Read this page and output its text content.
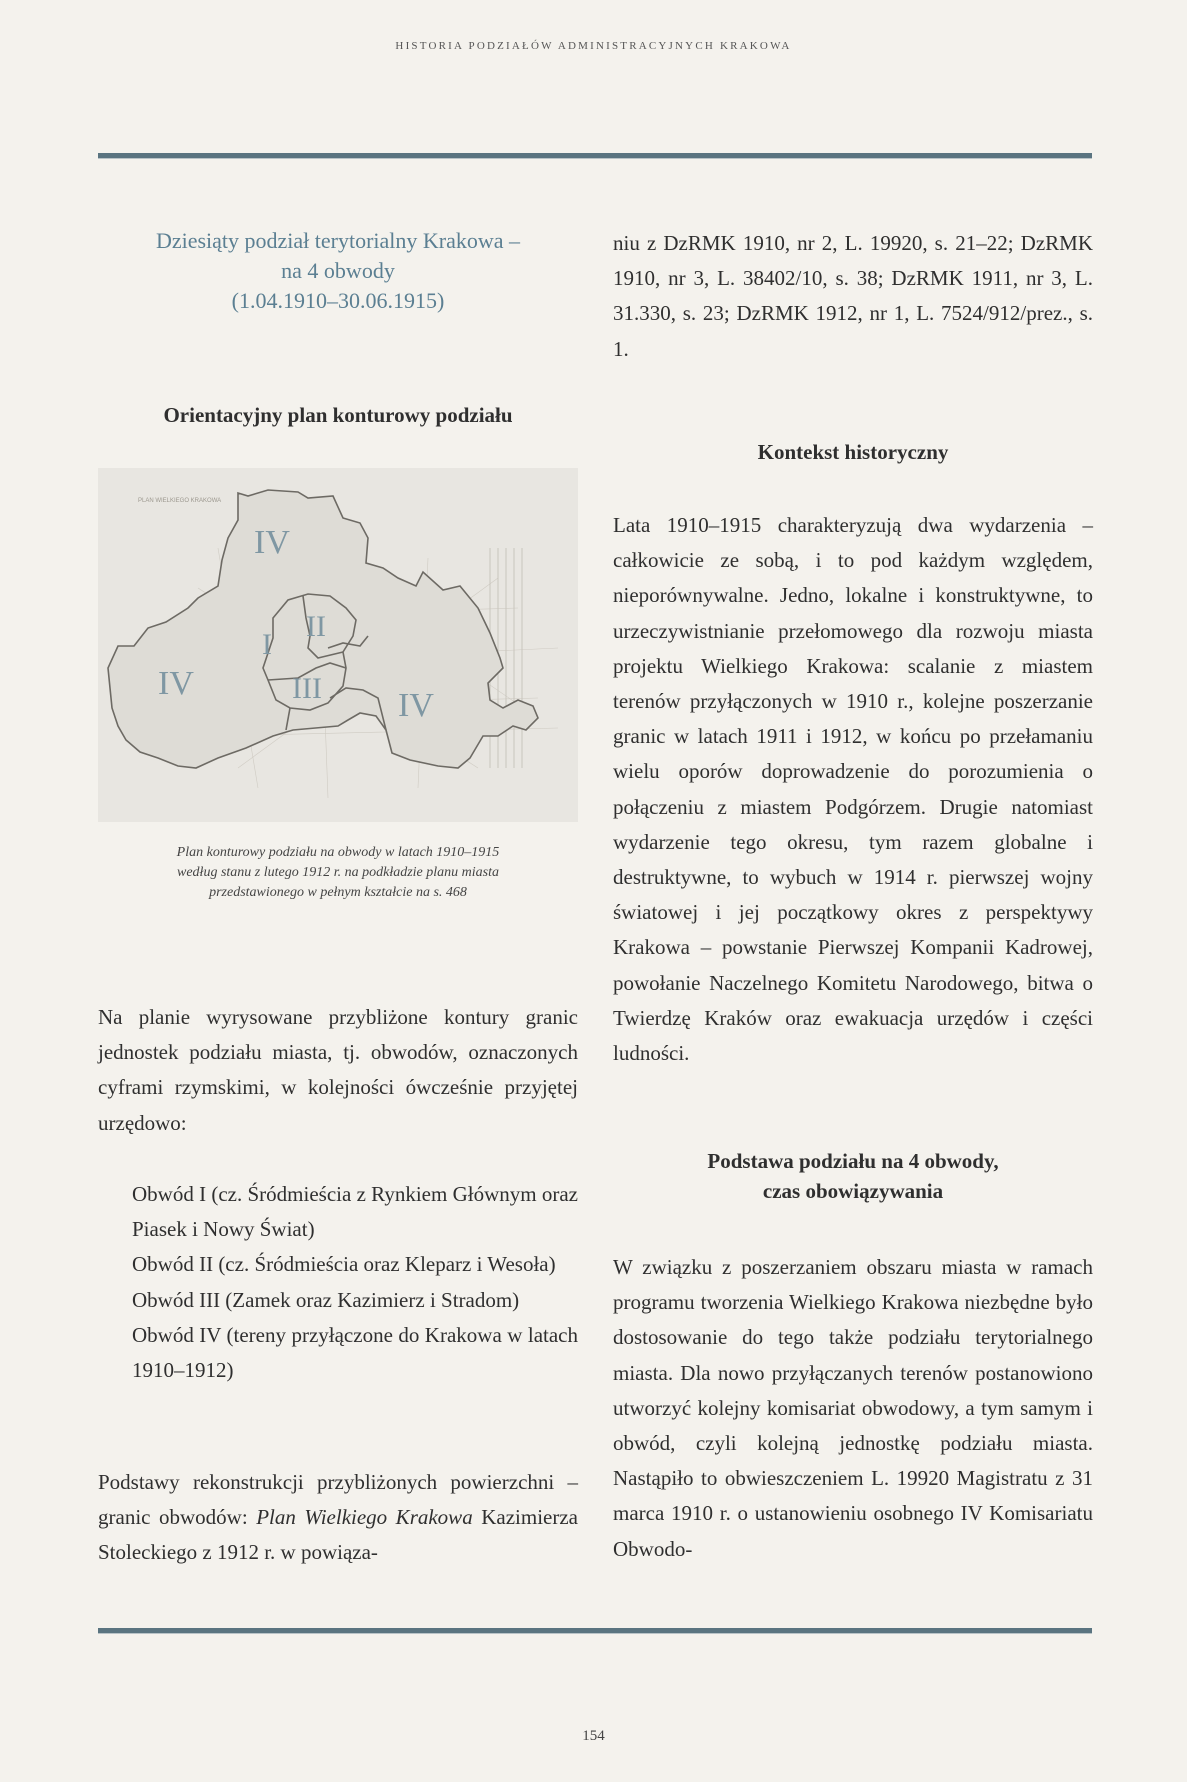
HISTORIA PODZIAŁÓW ADMINISTRACYJNYCH KRAKOWA
Dziesiąty podział terytorialny Krakowa –
na 4 obwody
(1.04.1910–30.06.1915)
Orientacyjny plan konturowy podziału
PLAN WIELKIEGO KRAKOWA
IV
I
II
III
IV
IV
Plan konturowy podziału na obwody w latach 1910–1915
według stanu z lutego 1912 r. na podkładzie planu miasta
przedstawionego w pełnym kształcie na s. 468
Na planie wyrysowane przybliżone kontury granic jednostek podziału miasta, tj. obwodów, oznaczonych cyframi rzymskimi, w kolejności ówcześnie przyjętej urzędowo:

Obwód I (cz. Śródmieścia z Rynkiem Głównym oraz Piasek i Nowy Świat)

Obwód II (cz. Śródmieścia oraz Kleparz i Wesoła)

Obwód III (Zamek oraz Kazimierz i Stradom)

Obwód IV (tereny przyłączone do Krakowa w latach 1910–1912)

Podstawy rekonstrukcji przybliżonych powierzchni – granic obwodów: Plan Wielkiego Krakowa Kazimierza Stoleckiego z 1912 r. w powiąza-
niu z DzRMK 1910, nr 2, L. 19920, s. 21–22; DzRMK 1910, nr 3, L. 38402/10, s. 38; DzRMK 1911, nr 3, L. 31.330, s. 23; DzRMK 1912, nr 1, L. 7524/912/prez., s. 1.
Kontekst historyczny
Lata 1910–1915 charakteryzują dwa wydarzenia – całkowicie ze sobą, i to pod każdym względem, nieporównywalne. Jedno, lokalne i konstruktywne, to urzeczywistnianie przełomowego dla rozwoju miasta projektu Wielkiego Krakowa: scalanie z miastem terenów przyłączonych w 1910 r., kolejne poszerzanie granic w latach 1911 i 1912, w końcu po przełamaniu wielu oporów doprowadzenie do porozumienia o połączeniu z miastem Podgórzem. Drugie natomiast wydarzenie tego okresu, tym razem globalne i destruktywne, to wybuch w 1914 r. pierwszej wojny światowej i jej początkowy okres z perspektywy Krakowa – powstanie Pierwszej Kompanii Kadrowej, powołanie Naczelnego Komitetu Narodowego, bitwa o Twierdzę Kraków oraz ewakuacja urzędów i części ludności.
Podstawa podziału na 4 obwody,
czas obowiązywania
W związku z poszerzaniem obszaru miasta w ramach programu tworzenia Wielkiego Krakowa niezbędne było dostosowanie do tego także podziału terytorialnego miasta. Dla nowo przyłączanych terenów postanowiono utworzyć kolejny komisariat obwodowy, a tym samym i obwód, czyli kolejną jednostkę podziału miasta. Nastąpiło to obwieszczeniem L. 19920 Magistratu z 31 marca 1910 r. o ustanowieniu osobnego IV Komisariatu Obwodo-
154
